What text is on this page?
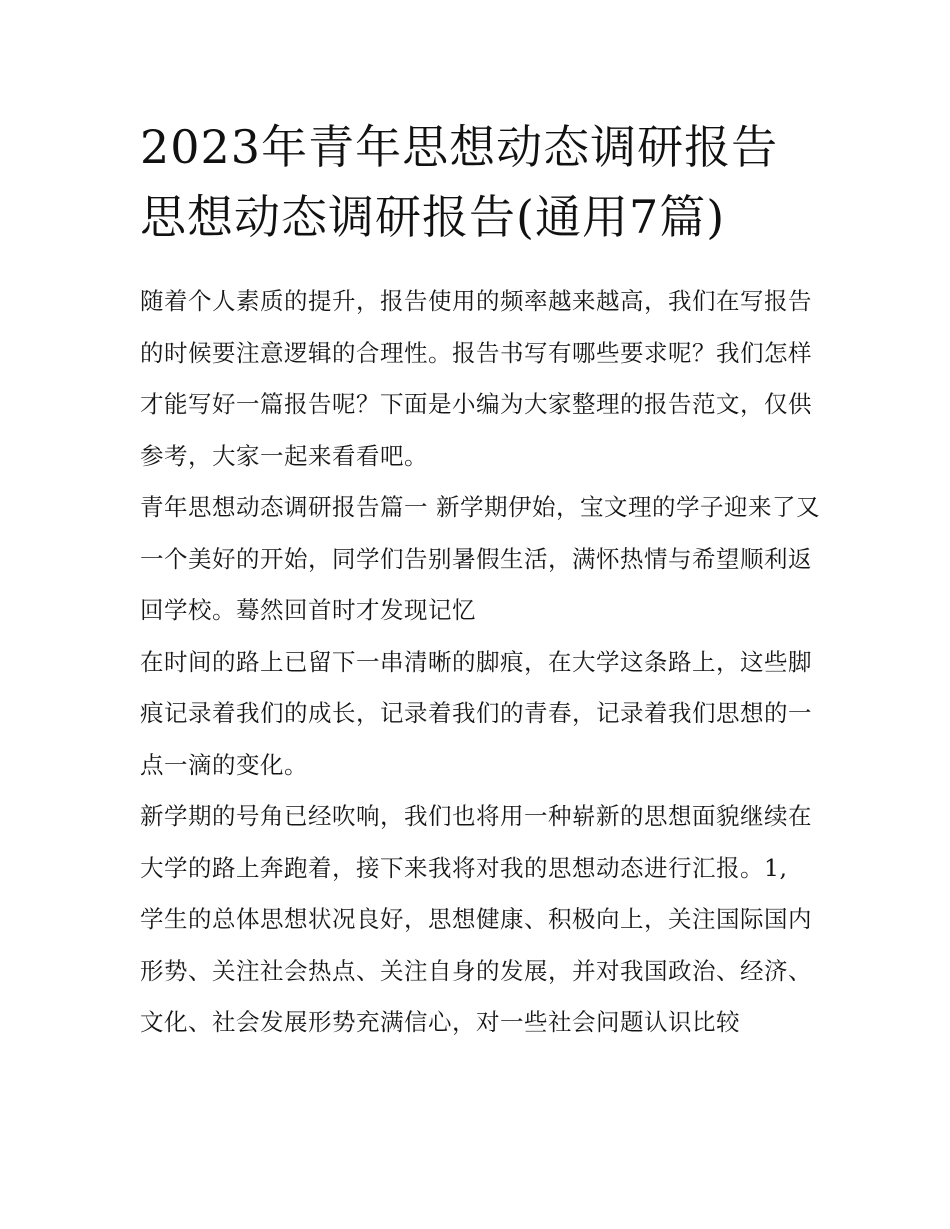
2023年青年思想动态调研报告
思想动态调研报告(通用7篇)

随着个人素质的提升，报告使用的频率越来越高，我们在写报告的时候要注意逻辑的合理性。报告书写有哪些要求呢？我们怎样才能写好一篇报告呢？下面是小编为大家整理的报告范文，仅供参考，大家一起来看看吧。

青年思想动态调研报告篇一 新学期伊始，宝文理的学子迎来了又一个美好的开始，同学们告别暑假生活，满怀热情与希望顺利返回学校。蓦然回首时才发现记忆

在时间的路上已留下一串清晰的脚痕，在大学这条路上，这些脚痕记录着我们的成长，记录着我们的青春，记录着我们思想的一点一滴的变化。

新学期的号角已经吹响，我们也将用一种崭新的思想面貌继续在大学的路上奔跑着，接下来我将对我的思想动态进行汇报。1,

学生的总体思想状况良好，思想健康、积极向上，关注国际国内形势、关注社会热点、关注自身的发展，并对我国政治、经济、文化、社会发展形势充满信心，对一些社会问题认识比较
